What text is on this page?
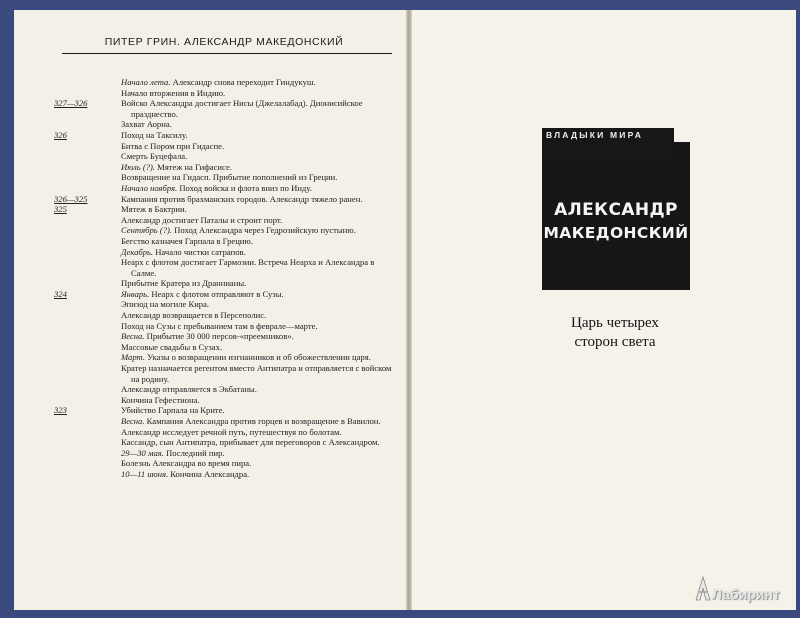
ПИТЕР ГРИН. АЛЕКСАНДР МАКЕДОНСКИЙ
Начало лета. Александр снова переходит Гиндукуш.
Начало вторжения в Индию.
327—326	Войско Александра достигает Нисы (Джелалабад). Дионисийское празднество.
Захват Аорна.
326	Поход на Таксилу.
Битва с Пором при Гидаспе.
Смерть Буцефала.
Июль (?). Мятеж на Гифасисе.
Возвращение на Гидасп. Прибытие пополнений из Греции.
Начало ноября. Поход войска и флота вниз по Инду.
326—325	Кампания против брахманских городов. Александр тяжело ранен.
325	Мятеж в Бактрии.
Александр достигает Паталы и строит порт.
Сентябрь (?). Поход Александра через Гедрозийскую пустыню.
Бегство казначея Гарпала в Грецию.
Декабрь. Начало чистки сатрапов.
Неарх с флотом достигает Гармозии. Встреча Неарха и Александра в Салме.
Прибытие Кратера из Драннианы.
324	Январь. Неарх с флотом отправляют в Сузы.
Эпизод на могиле Кира.
Александр возвращается в Персеполис.
Поход на Сузы с пребыванием там в феврале—марте.
Весна. Прибытие 30 000 персов-«преемников».
Массовые свадьбы в Сузах.
Март. Указы о возвращении изгнанников и об обожествлении царя.
Кратер назначается регентом вместо Антипатра и отправляется с войском на родину.
Александр отправляется в Экбатаны.
Кончина Гефестиона.
323	Убийство Гарпала на Крите.
Весна. Кампания Александра против горцев и возвращение в Вавилон.
Александр исследует речной путь, путешествуя по болотам.
Кассандр, сын Антипатра, прибывает для переговоров с Александром.
29—30 мая. Последний пир.
Болезнь Александра во время пира.
10—11 июня. Кончина Александра.
АЛЕКСАНДР
МАКЕДОНСКИЙ
ВЛАДЫКИ МИРА
Царь четырех
сторон света
Лабиринт
